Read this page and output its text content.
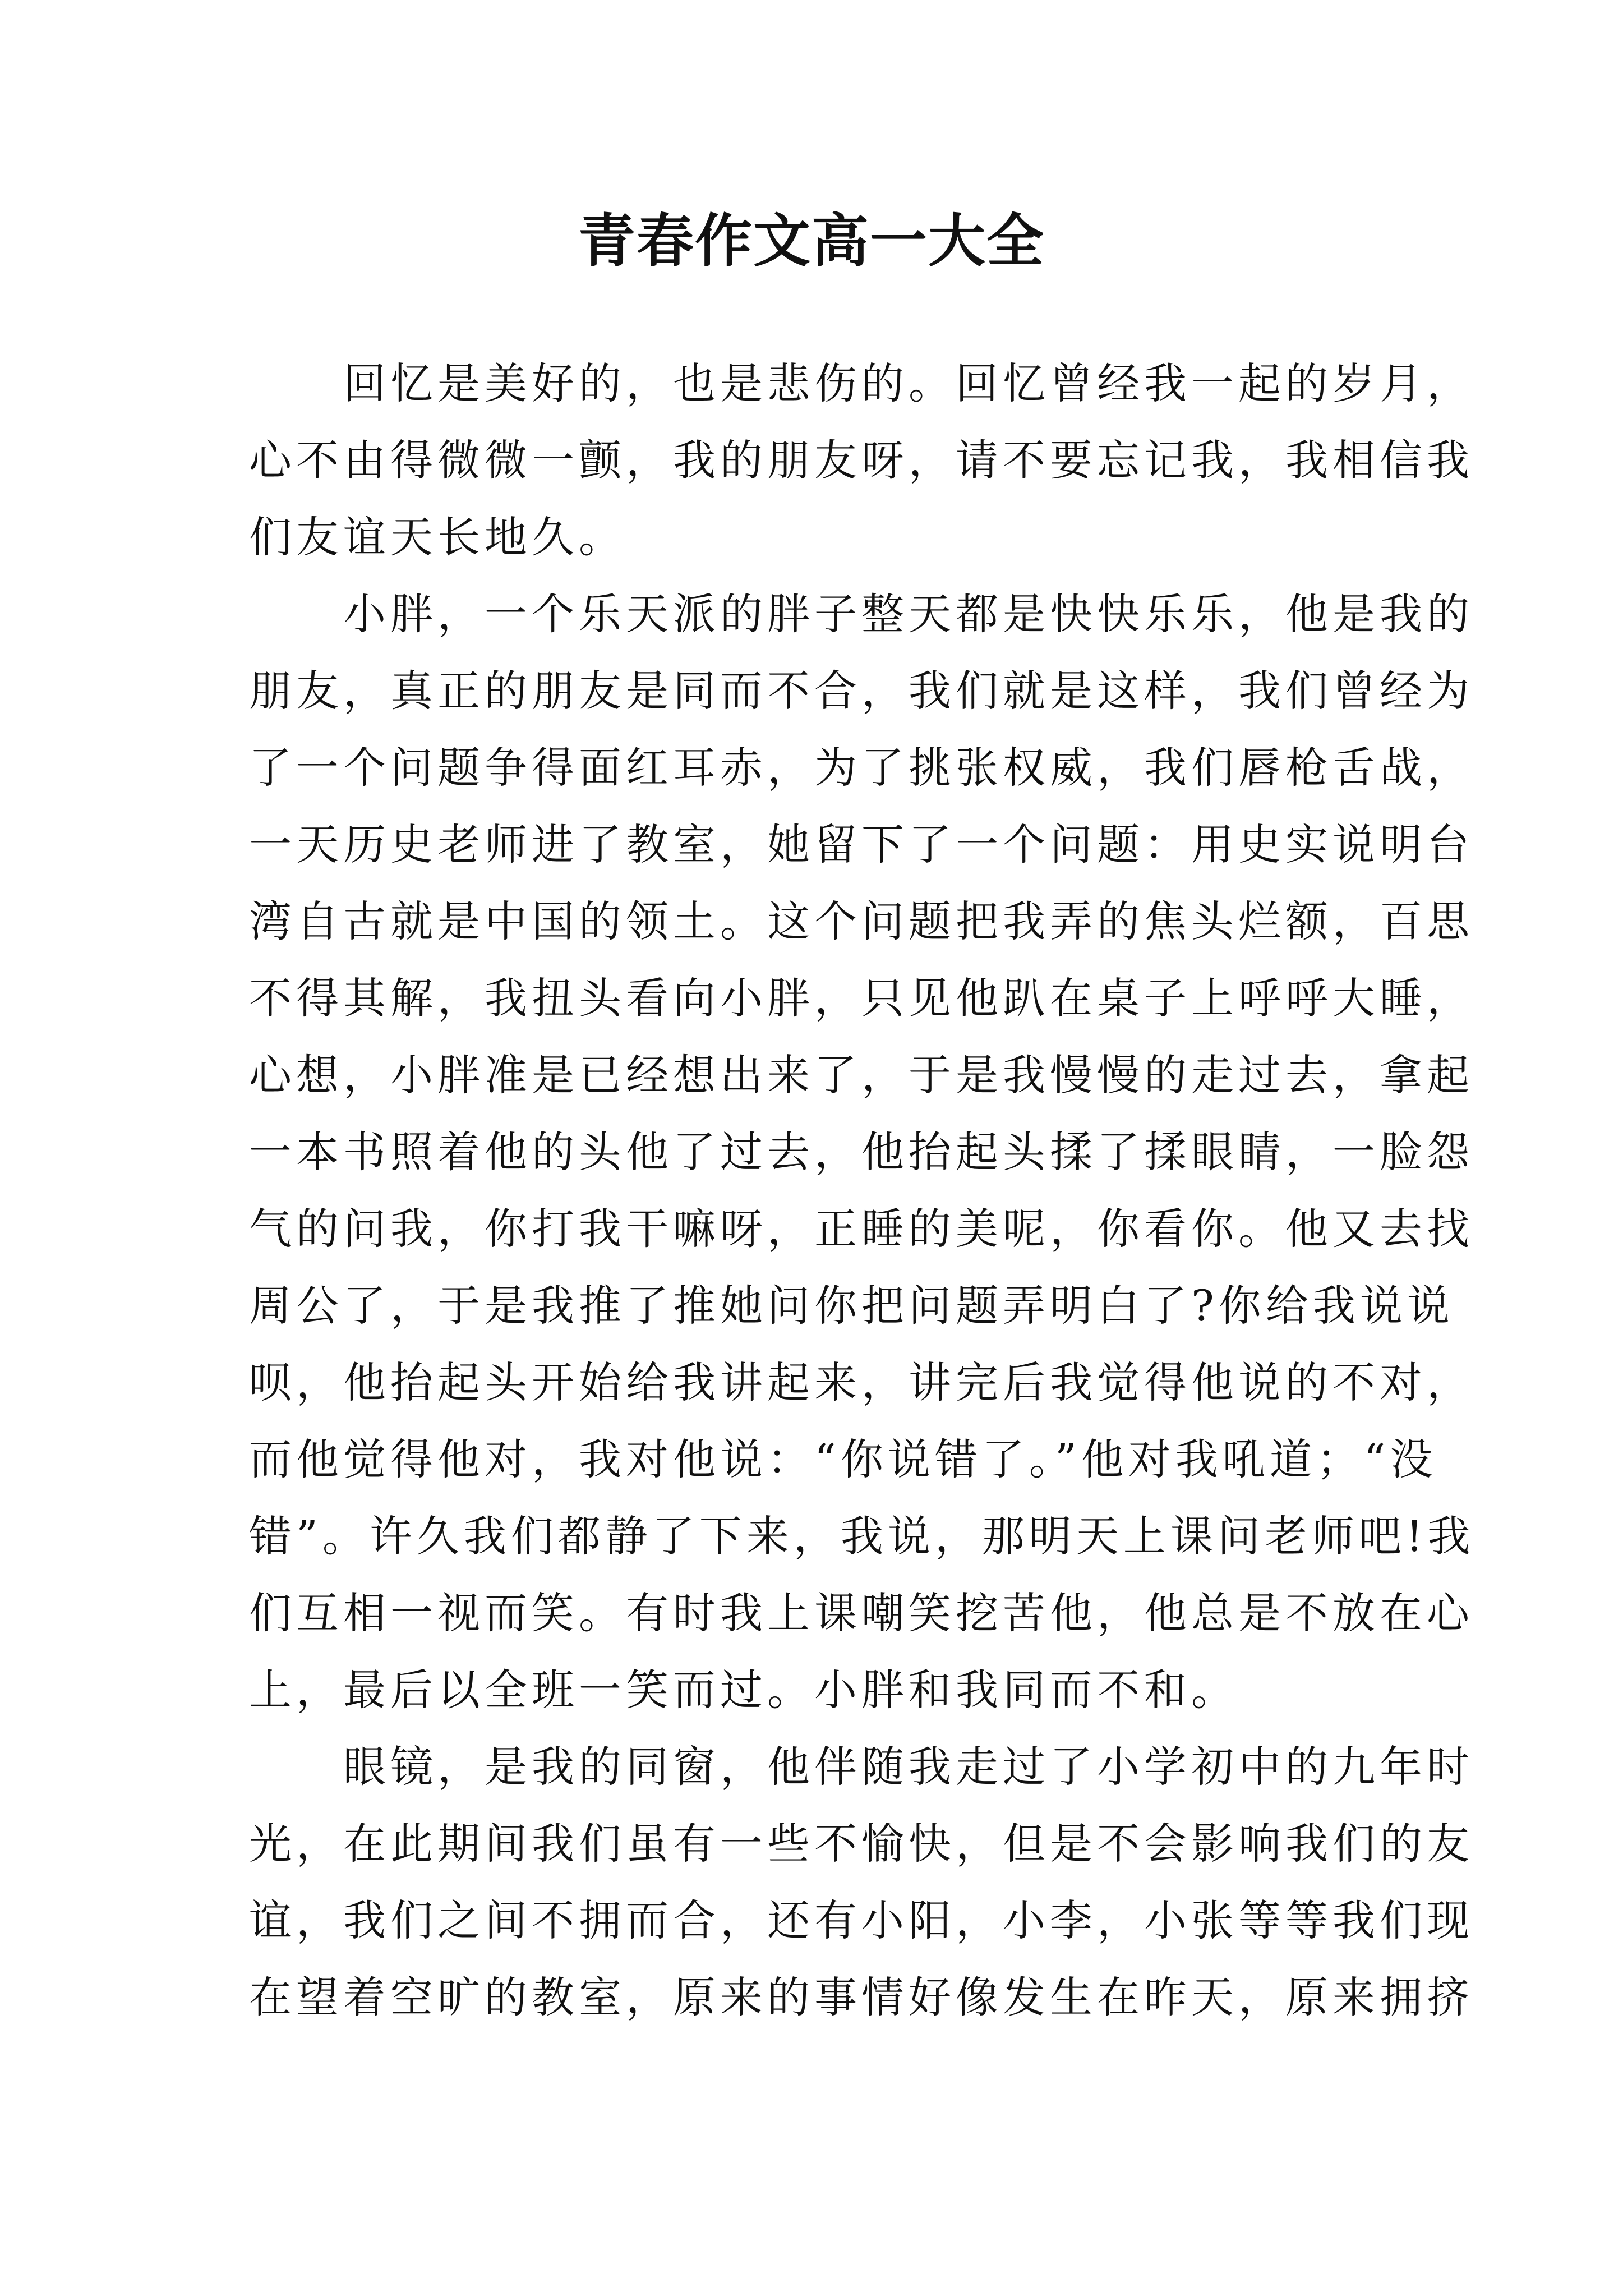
青春作文高一大全
回忆是美好的，也是悲伤的。回忆曾经我一起的岁月，
心不由得微微一颤，我的朋友呀，请不要忘记我，我相信我
们友谊天长地久。
小胖，一个乐天派的胖子整天都是快快乐乐，他是我的
朋友，真正的朋友是同而不合，我们就是这样，我们曾经为
了一个问题争得面红耳赤，为了挑张权威，我们唇枪舌战，
一天历史老师进了教室，她留下了一个问题：用史实说明台
湾自古就是中国的领土。这个问题把我弄的焦头烂额，百思
不得其解，我扭头看向小胖，只见他趴在桌子上呼呼大睡，
心想，小胖准是已经想出来了，于是我慢慢的走过去，拿起
一本书照着他的头他了过去，他抬起头揉了揉眼睛，一脸怨
气的问我，你打我干嘛呀，正睡的美呢，你看你。他又去找
周公了，于是我推了推她问你把问题弄明白了?你给我说说
呗，他抬起头开始给我讲起来，讲完后我觉得他说的不对，
而他觉得他对，我对他说：“你说错了。”他对我吼道；“没
错”。许久我们都静了下来，我说，那明天上课问老师吧!我
们互相一视而笑。有时我上课嘲笑挖苦他，他总是不放在心
上，最后以全班一笑而过。小胖和我同而不和。
眼镜，是我的同窗，他伴随我走过了小学初中的九年时
光，在此期间我们虽有一些不愉快，但是不会影响我们的友
谊，我们之间不拥而合，还有小阳，小李，小张等等我们现
在望着空旷的教室，原来的事情好像发生在昨天，原来拥挤
